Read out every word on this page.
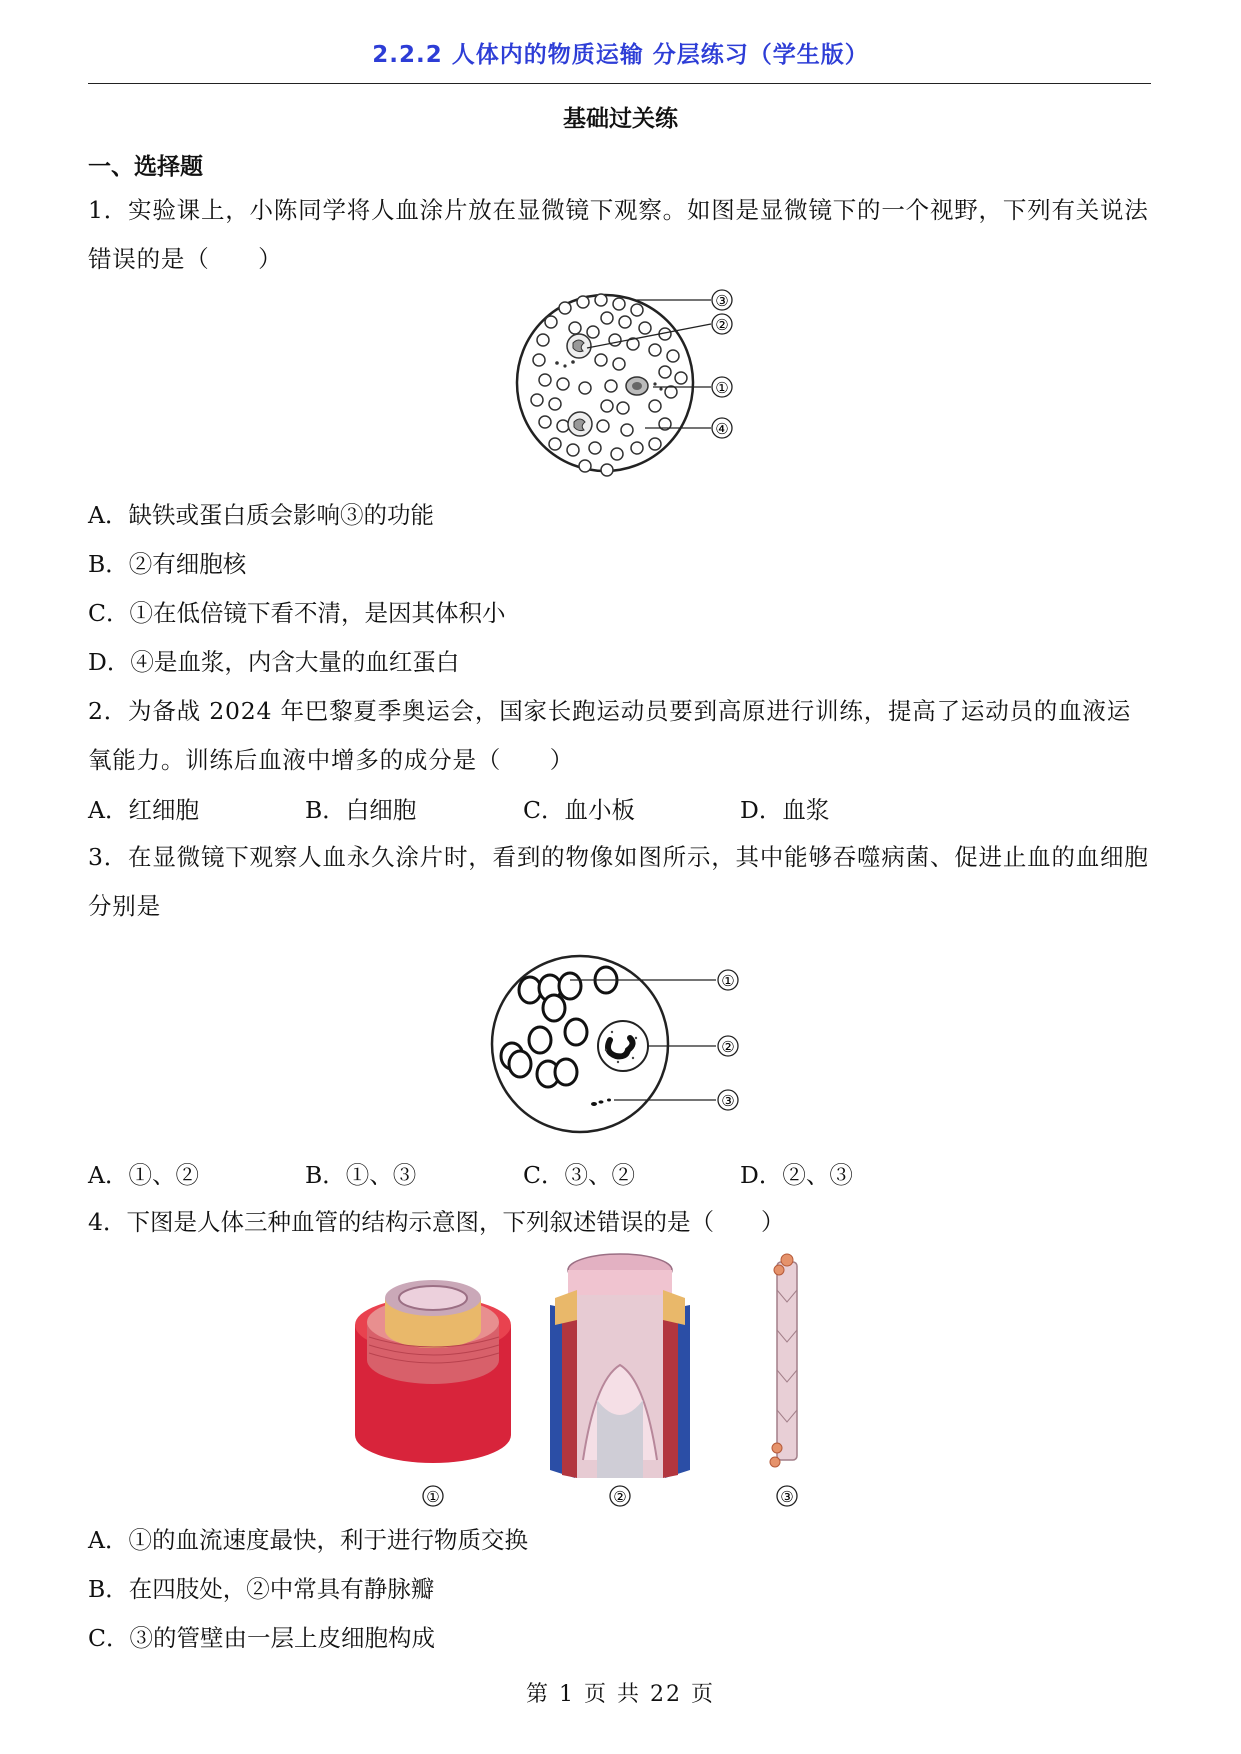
2.2.2 人体内的物质运输 分层练习（学生版）
基础过关练
一、选择题
1．实验课上，小陈同学将人血涂片放在显微镜下观察。如图是显微镜下的一个视野，下列有关说法错误的是（　　）
③
②
①
④
A．缺铁或蛋白质会影响③的功能
B．②有细胞核
C．①在低倍镜下看不清，是因其体积小
D．④是血浆，内含大量的血红蛋白
2．为备战 2024 年巴黎夏季奥运会，国家长跑运动员要到高原进行训练，提高了运动员的血液运氧能力。训练后血液中增多的成分是（　　）
A．红细胞	B．白细胞	C．血小板	D．血浆
3．在显微镜下观察人血永久涂片时，看到的物像如图所示，其中能够吞噬病菌、促进止血的血细胞分别是
①
②
③
A．①、②	B．①、③	C．③、②	D．②、③
4．下图是人体三种血管的结构示意图，下列叙述错误的是（　　）
①	②	③
A．①的血流速度最快，利于进行物质交换
B．在四肢处，②中常具有静脉瓣
C．③的管壁由一层上皮细胞构成
第 1 页 共 22 页
